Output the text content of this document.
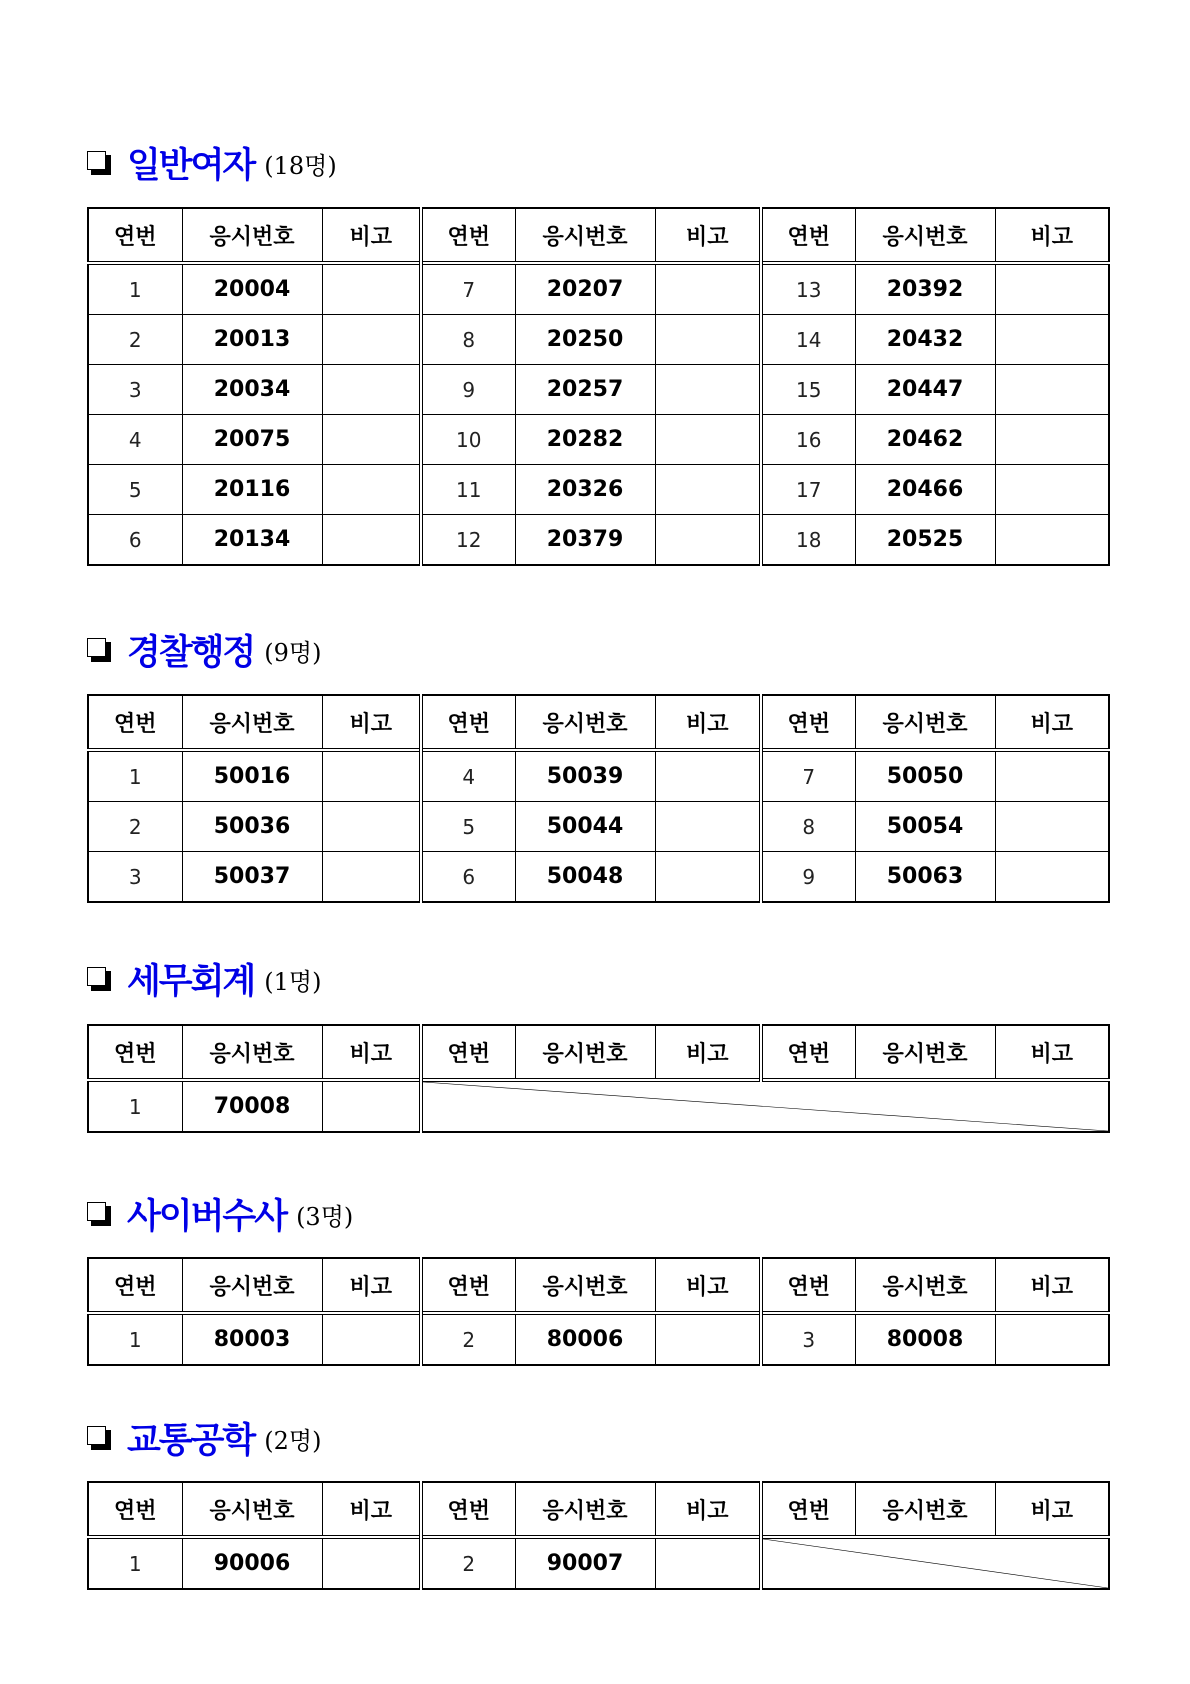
일반여자 (18명)
연번	응시번호	비고	연번	응시번호	비고	연번	응시번호	비고
1	20004		7	20207		13	20392	
2	20013		8	20250		14	20432	
3	20034		9	20257		15	20447	
4	20075		10	20282		16	20462	
5	20116		11	20326		17	20466	
6	20134		12	20379		18	20525	
경찰행정 (9명)
연번	응시번호	비고	연번	응시번호	비고	연번	응시번호	비고
1	50016		4	50039		7	50050	
2	50036		5	50044		8	50054	
3	50037		6	50048		9	50063	
세무회계 (1명)
연번	응시번호	비고	연번	응시번호	비고	연번	응시번호	비고
1	70008		
사이버수사 (3명)
연번	응시번호	비고	연번	응시번호	비고	연번	응시번호	비고
1	80003		2	80006		3	80008	
교통공학 (2명)
연번	응시번호	비고	연번	응시번호	비고	연번	응시번호	비고
1	90006		2	90007		
